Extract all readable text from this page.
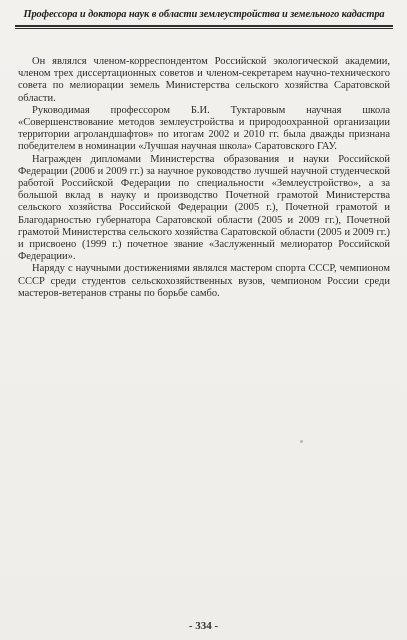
Профессора и доктора наук в области землеустройства и земельного кадастра

Он являлся членом-корреспондентом Российской экологической академии, членом трех диссертационных советов и членом-секретарем научно-технического совета по мелиорации земель Министерства сельского хозяйства Саратовской области.

Руководимая профессором Б.И. Туктаровым научная школа «Совершенствование методов землеустройства и природоохранной организации территории агроландшафтов» по итогам 2002 и 2010 гг. была дважды признана победителем в номинации «Лучшая научная школа» Саратовского ГАУ.

Награжден дипломами Министерства образования и науки Российской Федерации (2006 и 2009 гг.) за научное руководство лучшей научной студенческой работой Российской Федерации по специальности «Землеустройство», а за большой вклад в науку и производство Почетной грамотой Министерства сельского хозяйства Российской Федерации (2005 г.), Почетной грамотой и Благодарностью губернатора Саратовской области (2005 и 2009 гг.), Почетной грамотой Министерства сельского хозяйства Саратовской области (2005 и 2009 гг.) и присвоено (1999 г.) почетное звание «Заслуженный мелиоратор Российской Федерации».

Наряду с научными достижениями являлся мастером спорта СССР, чемпионом СССР среди студентов сельскохозяйственных вузов, чемпионом России среди мастеров-ветеранов страны по борьбе самбо.

- 334 -
